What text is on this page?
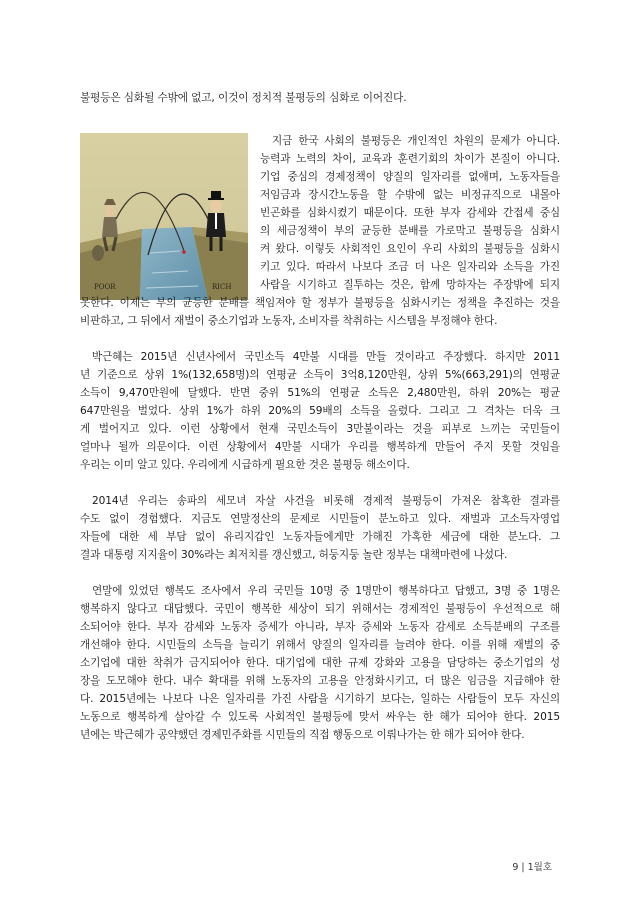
불평등은 심화될 수밖에 없고, 이것이 정치적 불평등의 심화로 이어진다.

POOR	RICH

지금 한국 사회의 불평등은 개인적인 차원의 문제가 아니다.

능력과 노력의 차이, 교육과 훈련기회의 차이가 본질이 아니다.

기업 중심의 경제정책이 양질의 일자리를 없애며, 노동자들을

저임금과 장시간노동을 할 수밖에 없는 비정규직으로 내몰아

빈곤화를 심화시켰기 때문이다. 또한 부자 감세와 간접세 중심

의 세금정책이 부의 균등한 분배를 가로막고 불평등을 심화시

켜 왔다. 이렇듯 사회적인 요인이 우리 사회의 불평등을 심화시

키고 있다. 따라서 나보다 조금 더 나은 일자리와 소득을 가진

사람을 시기하고 질투하는 것은, 함께 망하자는 주장밖에 되지

못한다. 이제는 부의 균등한 분배를 책임져야 할 정부가 불평등을 심화시키는 정책을 추진하는 것을

비판하고, 그 뒤에서 재벌이 중소기업과 노동자, 소비자를 착취하는 시스템을 부정해야 한다.

박근혜는 2015년 신년사에서 국민소득 4만불 시대를 만들 것이라고 주장했다. 하지만 2011

년 기준으로 상위 1%(132,658명)의 연평균 소득이 3억8,120만원, 상위 5%(663,291)의 연평균

소득이 9,470만원에 달했다. 반면 중위 51%의 연평균 소득은 2,480만원, 하위 20%는 평균

647만원을 벌었다. 상위 1%가 하위 20%의 59배의 소득을 올렸다. 그리고 그 격차는 더욱 크

게 벌어지고 있다. 이런 상황에서 현재 국민소득이 3만불이라는 것을 피부로 느끼는 국민들이

얼마나 될까 의문이다. 이런 상황에서 4만불 시대가 우리를 행복하게 만들어 주지 못할 것임을

우리는 이미 알고 있다. 우리에게 시급하게 필요한 것은 불평등 해소이다.

2014년 우리는 송파의 세모녀 자살 사건을 비롯해 경제적 불평등이 가져온 참혹한 결과를

수도 없이 경험했다. 지금도 연말정산의 문제로 시민들이 분노하고 있다. 재벌과 고소득자영업

자들에 대한 세 부담 없이 유리지갑인 노동자들에게만 가해진 가혹한 세금에 대한 분노다. 그

결과 대통령 지지율이 30%라는 최저치를 갱신했고, 허둥지둥 놀란 정부는 대책마련에 나섰다.

연말에 있었던 행복도 조사에서 우리 국민들 10명 중 1명만이 행복하다고 답했고, 3명 중 1명은

행복하지 않다고 대답했다. 국민이 행복한 세상이 되기 위해서는 경제적인 불평등이 우선적으로 해

소되어야 한다. 부자 감세와 노동자 증세가 아니라, 부자 증세와 노동자 감세로 소득분배의 구조를

개선해야 한다. 시민들의 소득을 늘리기 위해서 양질의 일자리를 늘려야 한다. 이를 위해 재벌의 중

소기업에 대한 착취가 금지되어야 한다. 대기업에 대한 규제 강화와 고용을 담당하는 중소기업의 성

장을 도모해야 한다. 내수 확대를 위해 노동자의 고용을 안정화시키고, 더 많은 임금을 지급해야 한

다. 2015년에는 나보다 나은 일자리를 가진 사람을 시기하기 보다는, 일하는 사람들이 모두 자신의

노동으로 행복하게 살아갈 수 있도록 사회적인 불평등에 맞서 싸우는 한 해가 되어야 한다. 2015

년에는 박근혜가 공약했던 경제민주화를 시민들의 직접 행동으로 이뤄나가는 한 해가 되어야 한다.

9 | 1월호
